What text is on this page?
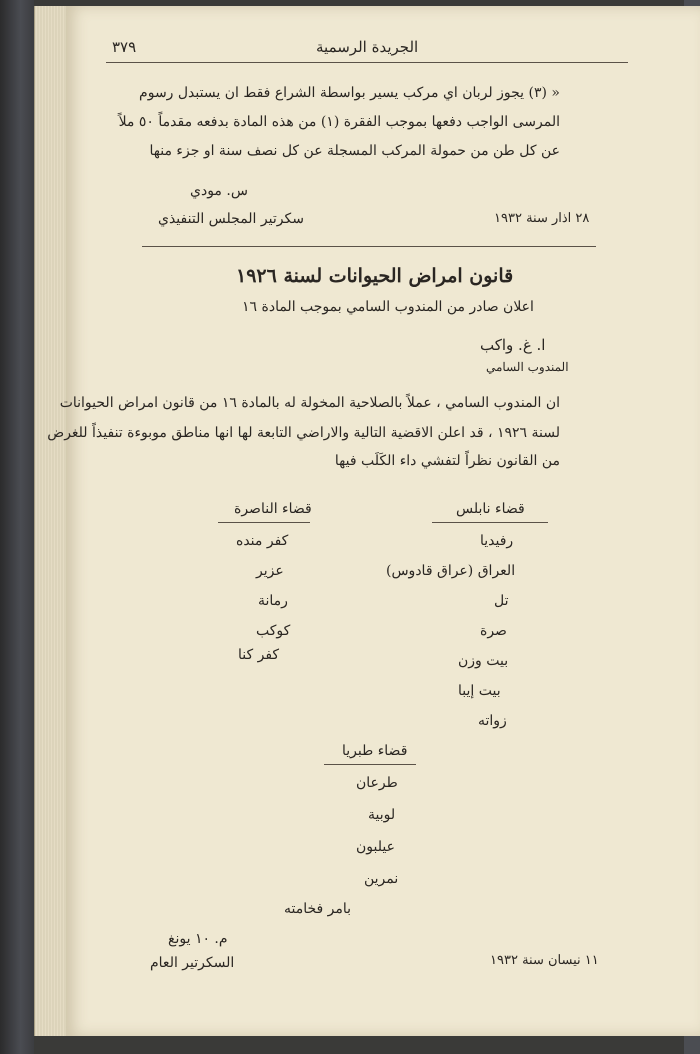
٣٧٩	الجريدة الرسمية
« (٣) يجوز لربان اي مركب يسير بواسطة الشراع فقط ان يستبدل رسوم
المرسى الواجب دفعها بموجب الفقرة (١) من هذه المادة بدفعه مقدماً ٥٠ ملاً
عن كل طن من حمولة المركب المسجلة عن كل نصف سنة او جزء منها
س. مودي
سكرتير المجلس التنفيذي	٢٨ اذار سنة ١٩٣٢
قانون امراض الحيوانات لسنة ١٩٢٦
اعلان صادر من المندوب السامي بموجب المادة ١٦
ا. غ. واكب
المندوب السامي
ان المندوب السامي ، عملاً بالصلاحية المخولة له بالمادة ١٦ من قانون امراض الحيوانات
لسنة ١٩٢٦ ، قد اعلن الاقضية التالية والاراضي التابعة لها انها مناطق موبوءة تنفيذاً للغرض
من القانون نظراً لتفشي داء الكَلَب فيها
قضاء نابلس
رفيديا
العراق (عراق قادوس)
تل
صرة
بيت وزن
بيت إيبا
زواته
قضاء الناصرة
كفر منده
عزير
رمانة
كوكب
كفر كنا
قضاء طبريا
طرعان
لوبية
عيلبون
نمرين
بامر فخامته
م. ١٠ يونغ
السكرتير العام	١١ نيسان سنة ١٩٣٢
